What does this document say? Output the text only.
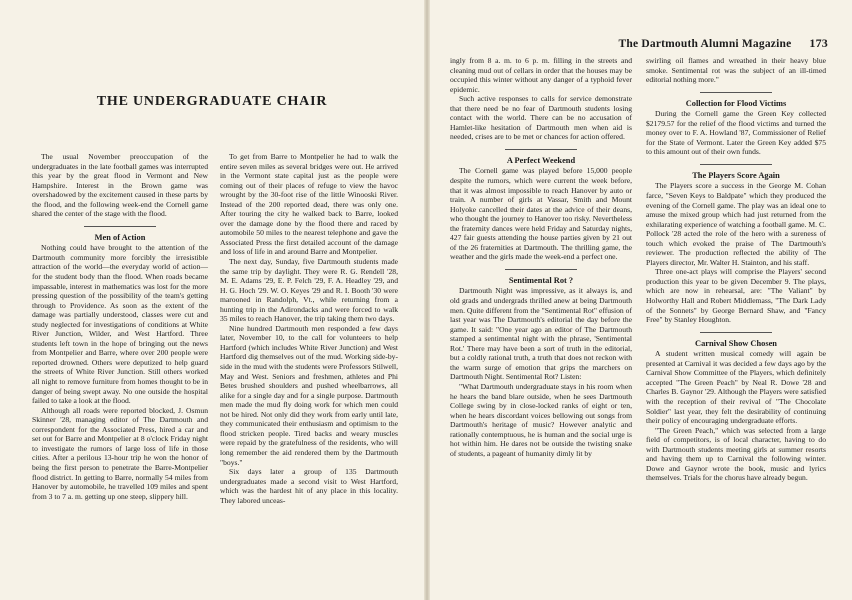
THE UNDERGRADUATE CHAIR

The usual November preoccupation of the undergraduates in the late football games was interrupted this year by the great flood in Vermont and New Hampshire. Interest in the Brown game was overshadowed by the excitement caused in these parts by the flood, and the following week-end the Cornell game shared the center of the stage with the flood.

Men of Action

Nothing could have brought to the attention of the Dartmouth community more forcibly the irresistible attraction of the world—the everyday world of action—for the student body than the flood. When roads became impassable, interest in mathematics was lost for the more pressing question of the possibility of the team's getting through to Providence. As soon as the extent of the damage was partially understood, classes were cut and study neglected for investigations of conditions at White River Junction, Wilder, and West Hartford. Three students left town in the hope of bringing out the news from Montpelier and Barre, where over 200 people were reported drowned. Others were deputized to help guard the streets of White River Junction. Still others worked all night to remove furniture from homes thought to be in danger of being swept away. No one outside the hospital failed to take a look at the flood.

Although all roads were reported blocked, J. Osmun Skinner '28, managing editor of The Dartmouth and correspondent for the Associated Press, hired a car and set out for Barre and Montpelier at 8 o'clock Friday night to investigate the rumors of large loss of life in those cities. After a perilous 13-hour trip he won the honor of being the first person to penetrate the Barre-Montpelier flood district. In getting to Barre, normally 54 miles from Hanover by automobile, he travelled 109 miles and spent from 3 to 7 a. m. getting up one steep, slippery hill.

To get from Barre to Montpelier he had to walk the entire seven miles as several bridges were out. He arrived in the Vermont state capital just as the people were coming out of their places of refuge to view the havoc wrought by the 30-foot rise of the little Winooski River. Instead of the 200 reported dead, there was only one. After touring the city he walked back to Barre, looked over the damage done by the flood there and raced by automobile 50 miles to the nearest telephone and gave the Associated Press the first detailed account of the damage and loss of life in and around Barre and Montpelier.

The next day, Sunday, five Dartmouth students made the same trip by daylight. They were R. G. Rendell '28, M. E. Adams '29, E. P. Felch '29, F. A. Headley '29, and H. G. Hoch '29. W. O. Keyes '29 and R. I. Booth '30 were marooned in Randolph, Vt., while returning from a hunting trip in the Adirondacks and were forced to walk 35 miles to reach Hanover, the trip taking them two days.

Nine hundred Dartmouth men responded a few days later, November 10, to the call for volunteers to help Hartford (which includes White River Junction) and West Hartford dig themselves out of the mud. Working side-by-side in the mud with the students were Professors Stilwell, May and West. Seniors and freshmen, athletes and Phi Betes brushed shoulders and pushed wheelbarrows, all alike for a single day and for a single purpose. Dartmouth men made the mud fly doing work for which men could not be hired. Not only did they work from early until late, they communicated their enthusiasm and optimism to the flood stricken people. Tired backs and weary muscles were repaid by the gratefulness of the residents, who will long remember the aid rendered them by the Dartmouth "boys."

Six days later a group of 135 Dartmouth undergraduates made a second visit to West Hartford, which was the hardest hit of any place in this locality. They labored unceas-

The Dartmouth Alumni Magazine 173

ingly from 8 a. m. to 6 p. m. filling in the streets and cleaning mud out of cellars in order that the houses may be occupied this winter without any danger of a typhoid fever epidemic.

Such active responses to calls for service demonstrate that there need be no fear of Dartmouth students losing contact with the world. There can be no accusation of Hamlet-like hesitation of Dartmouth men when aid is needed, crises are to be met or chances for action offered.

A Perfect Weekend

The Cornell game was played before 15,000 people despite the rumors, which were current the week before, that it was almost impossible to reach Hanover by auto or train. A number of girls at Vassar, Smith and Mount Holyoke cancelled their dates at the advice of their deans, who thought the journey to Hanover too risky. Nevertheless the fraternity dances were held Friday and Saturday nights, 427 fair guests attending the house parties given by 21 out of the 26 fraternities at Dartmouth. The thrilling game, the weather and the girls made the week-end a perfect one.

Sentimental Rot ?

Dartmouth Night was impressive, as it always is, and old grads and undergrads thrilled anew at being Dartmouth men. Quite different from the "Sentimental Rot" effusion of last year was The Dartmouth's editorial the day before the game. It said: "One year ago an editor of The Dartmouth stamped a sentimental night with the phrase, 'Sentimental Rot.' There may have been a sort of truth in the editorial, but a coldly rational truth, a truth that does not reckon with the warm surge of emotion that grips the marchers on Dartmouth Night. Sentimental Rot? Listen:

"What Dartmouth undergraduate stays in his room when he hears the band blare outside, when he sees Dartmouth College swing by in close-locked ranks of eight or ten, when he hears discordant voices bellowing out songs from Dartmouth's heritage of music? However analytic and rationally contemptuous, he is human and the social urge is hot within him. He dares not be outside the twisting snake of students, a pageant of humanity dimly lit by

swirling oil flames and wreathed in their heavy blue smoke. Sentimental rot was the subject of an ill-timed editorial nothing more."

Collection for Flood Victims

During the Cornell game the Green Key collected $2179.57 for the relief of the flood victims and turned the money over to F. A. Howland '87, Commissioner of Relief for the State of Vermont. Later the Green Key added $75 to this amount out of their own funds.

The Players Score Again

The Players score a success in the George M. Cohan farce, "Seven Keys to Baldpate" which they produced the evening of the Cornell game. The play was an ideal one to amuse the mixed group which had just returned from the exhilarating experience of watching a football game. M. C. Pollock '28 acted the role of the hero with a sureness of touch which evoked the praise of The Dartmouth's reviewer. The production reflected the ability of The Players director, Mr. Walter H. Stainton, and his staff.

Three one-act plays will comprise the Players' second production this year to be given December 9. The plays, which are now in rehearsal, are: "The Valiant" by Holworthy Hall and Robert Middlemass, "The Dark Lady of the Sonnets" by George Bernard Shaw, and "Fancy Free" by Stanley Houghton.

Carnival Show Chosen

A student written musical comedy will again be presented at Carnival it was decided a few days ago by the Carnival Show Committee of the Players, which definitely accepted "The Green Peach" by Neal R. Dowe '28 and Charles B. Gaynor '29. Although the Players were satisfied with the reception of their revival of "The Chocolate Soldier" last year, they felt the desirability of continuing their policy of encouraging undergraduate efforts.

"The Green Peach," which was selected from a large field of competitors, is of local character, having to do with Dartmouth students meeting girls at summer resorts and having them up to Carnival the following winter. Dowe and Gaynor wrote the book, music and lyrics themselves. Trials for the chorus have already begun.
